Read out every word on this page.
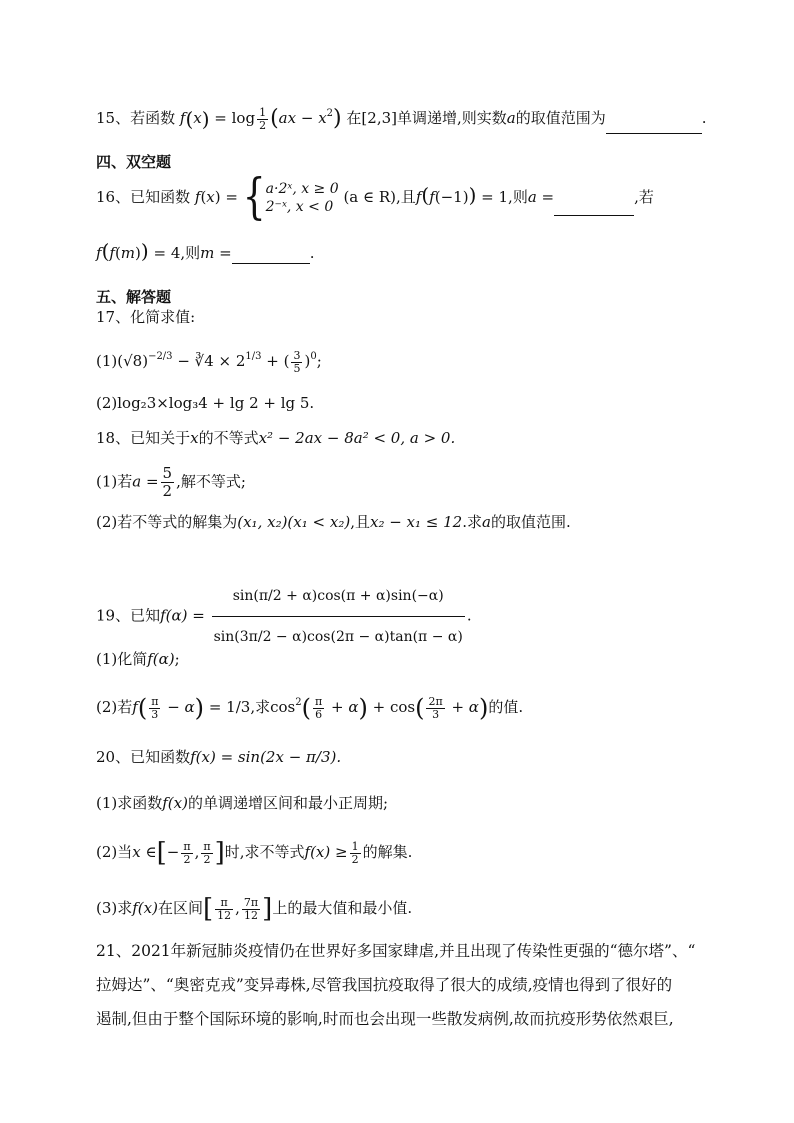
15、若函数 $f(x) = \log \frac{1}{2} (ax - x^2)$ 在[2,3]单调递增,则实数a的取值范围为	.
四、双空题
16、已知函数 f(x) = { a·2ˣ, x ≥ 0
2⁻ˣ, x < 0
(a ∈ R),且f(f(−1)) = 1,则a =	,若
f(f(m)) = 4,则m =	.
五、解答题
17、化简求值:
$(1)(√8)^{-2/3}$ − ∛4 × $2^{1/3}$ + ( $\frac{3}{5} )^0$;
(2)log₂3×log₃4 + lg 2 + lg 5.
18、已知关于x的不等式x² − 2ax − 8a² < 0, a > 0.
(1)若$a = \frac{5}{2}$ ,解不等式;
(2)若不等式的解集为(x₁, x₂)(x₁ < x₂),且x₂ − x₁ ≤ 12.求a的取值范围.
19、已知$f(\alpha) = \frac{\sin(\pi/2 + \alpha)\cos(\pi + \alpha)\sin(-\alpha)}{\sin(3\pi/2 - \alpha)\cos(2\pi - \alpha)\tan(\pi - \alpha)}$ .
(1)化简f(α);
(2)若$f( \frac{\pi}{3} - \alpha) = 1/3$,求$\cos^2( \frac{\pi}{6} + \alpha) + \cos( \frac{2\pi}{3} + \alpha)$的值.
20、已知函数f(x) = sin(2x − π/3).
(1)求函数f(x)的单调递增区间和最小正周期;
(2)当x ∈[− $\frac{\pi}{2}$ , $\frac{\pi}{2}$ ]时,求不等式$f(x) \ge \frac{1}{2}$ 的解集.
(3)求f(x)在区间[ $\frac{\pi}{12}$ , $\frac{7\pi}{12}$ ]上的最大值和最小值.
21、2021年新冠肺炎疫情仍在世界好多国家肆虐,并且出现了传染性更强的“德尔塔”、“
拉姆达”、“奥密克戎”变异毒株,尽管我国抗疫取得了很大的成绩,疫情也得到了很好的
遏制,但由于整个国际环境的影响,时而也会出现一些散发病例,故而抗疫形势依然艰巨,
